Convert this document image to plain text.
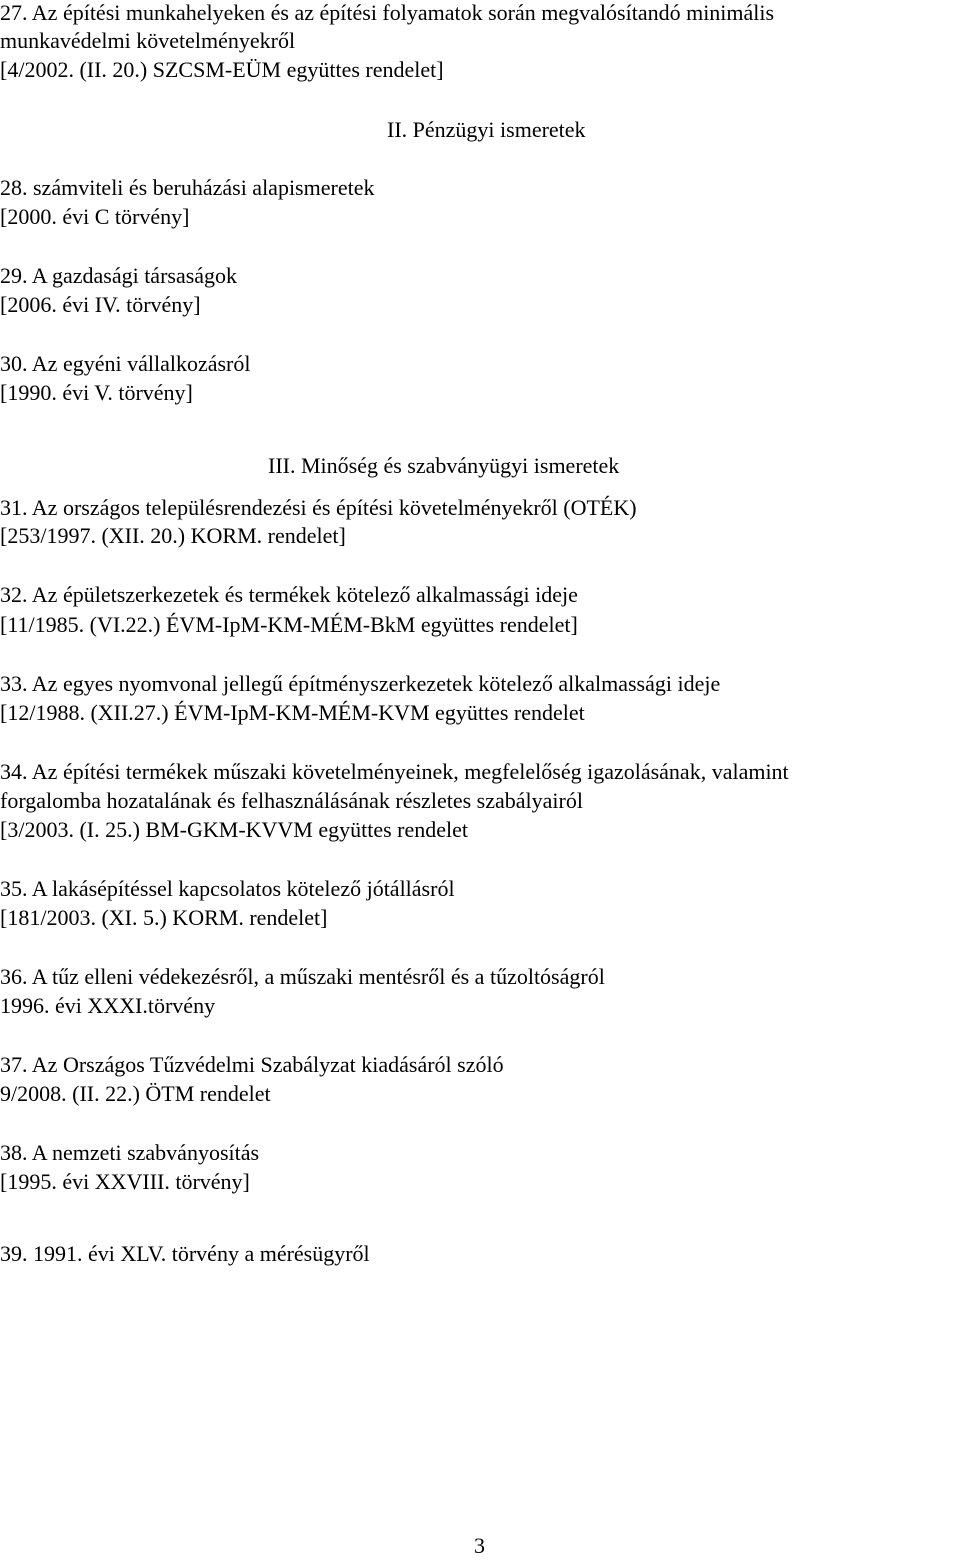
27. Az építési munkahelyeken és az építési folyamatok során megvalósítandó minimális
munkavédelmi követelményekről
[4/2002. (II. 20.) SZCSM-EÜM együttes rendelet]
II. Pénzügyi ismeretek
28. számviteli és beruházási alapismeretek
[2000. évi C törvény]
29. A gazdasági társaságok
[2006. évi IV. törvény]
30. Az egyéni vállalkozásról
[1990. évi V. törvény]
III. Minőség és szabványügyi ismeretek
31. Az országos településrendezési és építési követelményekről (OTÉK)
[253/1997. (XII. 20.) KORM. rendelet]
32. Az épületszerkezetek és termékek kötelező alkalmassági ideje
[11/1985. (VI.22.) ÉVM-IpM-KM-MÉM-BkM együttes rendelet]
33. Az egyes nyomvonal jellegű építményszerkezetek kötelező alkalmassági ideje
[12/1988. (XII.27.) ÉVM-IpM-KM-MÉM-KVM együttes rendelet
34. Az építési termékek műszaki követelményeinek, megfelelőség igazolásának, valamint
forgalomba hozatalának és felhasználásának részletes szabályairól
[3/2003. (I. 25.) BM-GKM-KVVM együttes rendelet
35. A lakásépítéssel kapcsolatos kötelező jótállásról
[181/2003. (XI. 5.) KORM. rendelet]
36. A tűz elleni védekezésről, a műszaki mentésről és a tűzoltóságról
1996. évi XXXI.törvény
37. Az Országos Tűzvédelmi Szabályzat kiadásáról szóló
9/2008. (II. 22.) ÖTM rendelet
38. A nemzeti szabványosítás
[1995. évi XXVIII. törvény]
39. 1991. évi XLV. törvény a mérésügyről
3
